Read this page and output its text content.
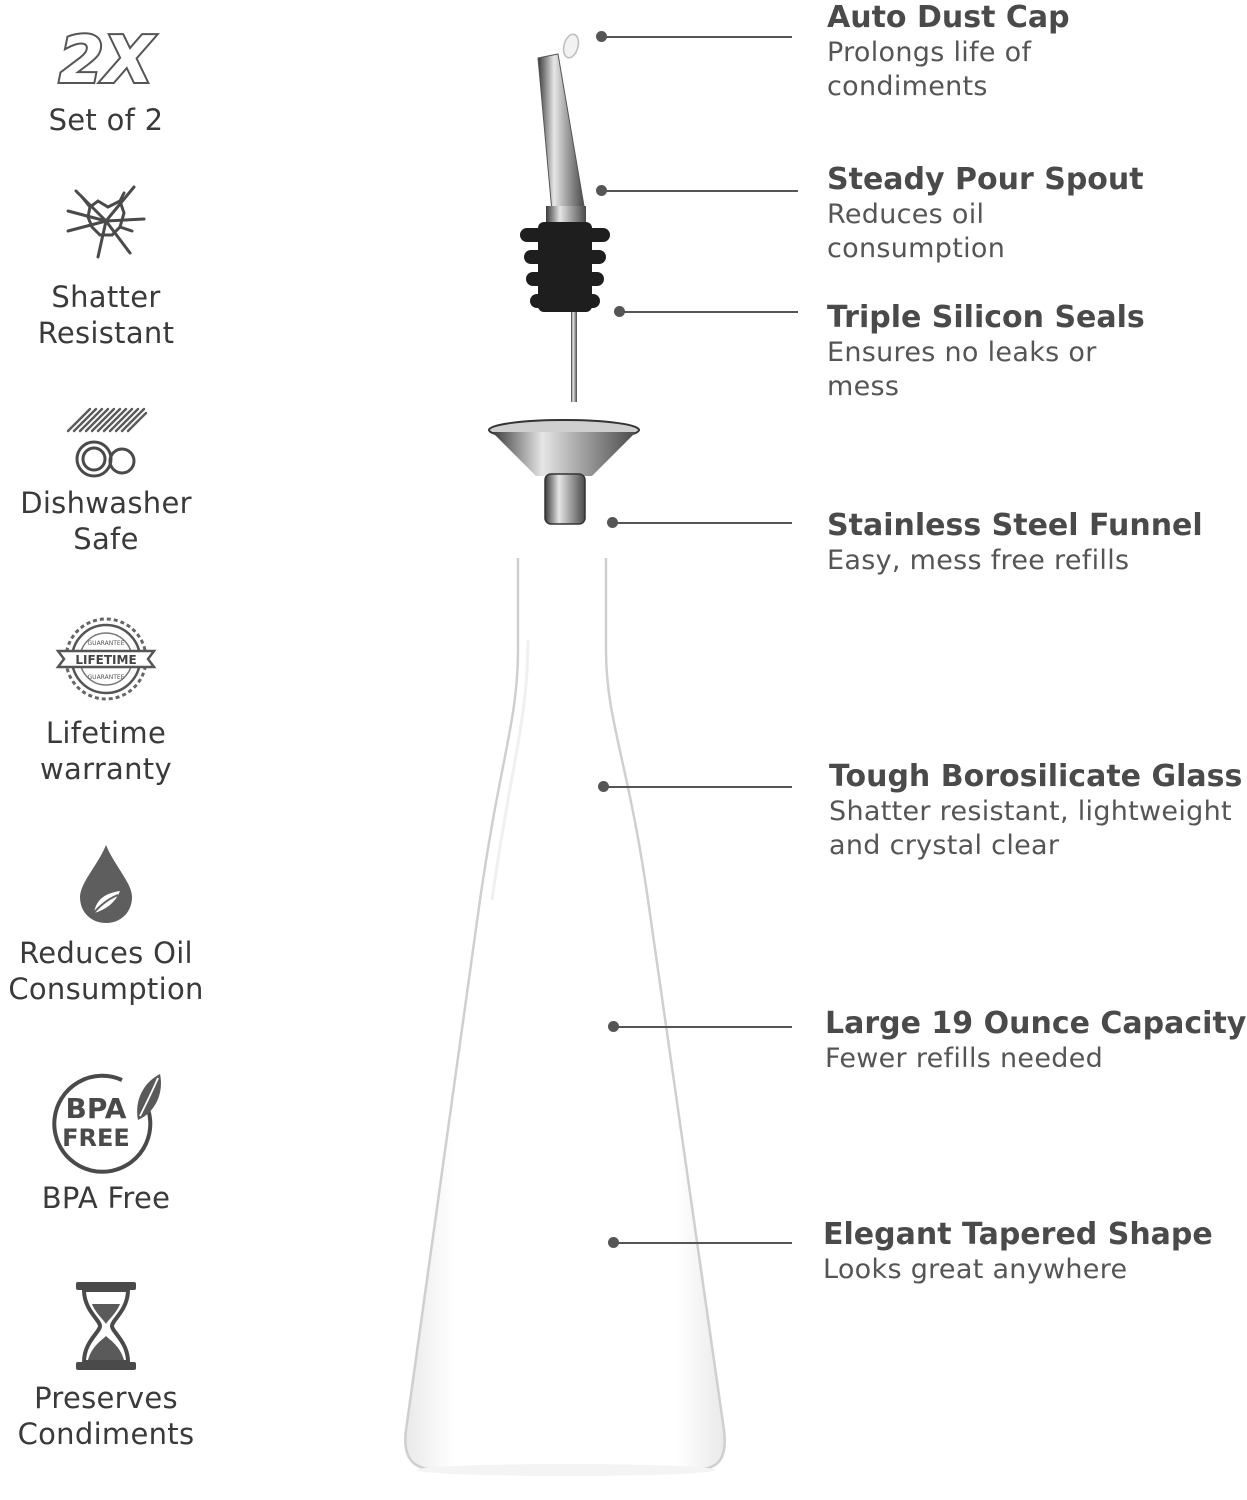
2X
Set of 2
Shatter
Resistant
Dishwasher
Safe
LIFETIME
GUARANTEE
GUARANTEE
Lifetime
warranty
Reduces Oil
Consumption
BPA
FREE
BPA Free
Preserves
Condiments
Auto Dust Cap
Prolongs life of
condiments
Steady Pour Spout
Reduces oil consumption
Triple Silicon Seals
Ensures no leaks or
mess
Stainless Steel Funnel
Easy, mess free refills
Tough Borosilicate Glass
Shatter resistant, lightweight
and crystal clear
Large 19 Ounce Capacity
Fewer refills needed
Elegant Tapered Shape
Looks great anywhere
